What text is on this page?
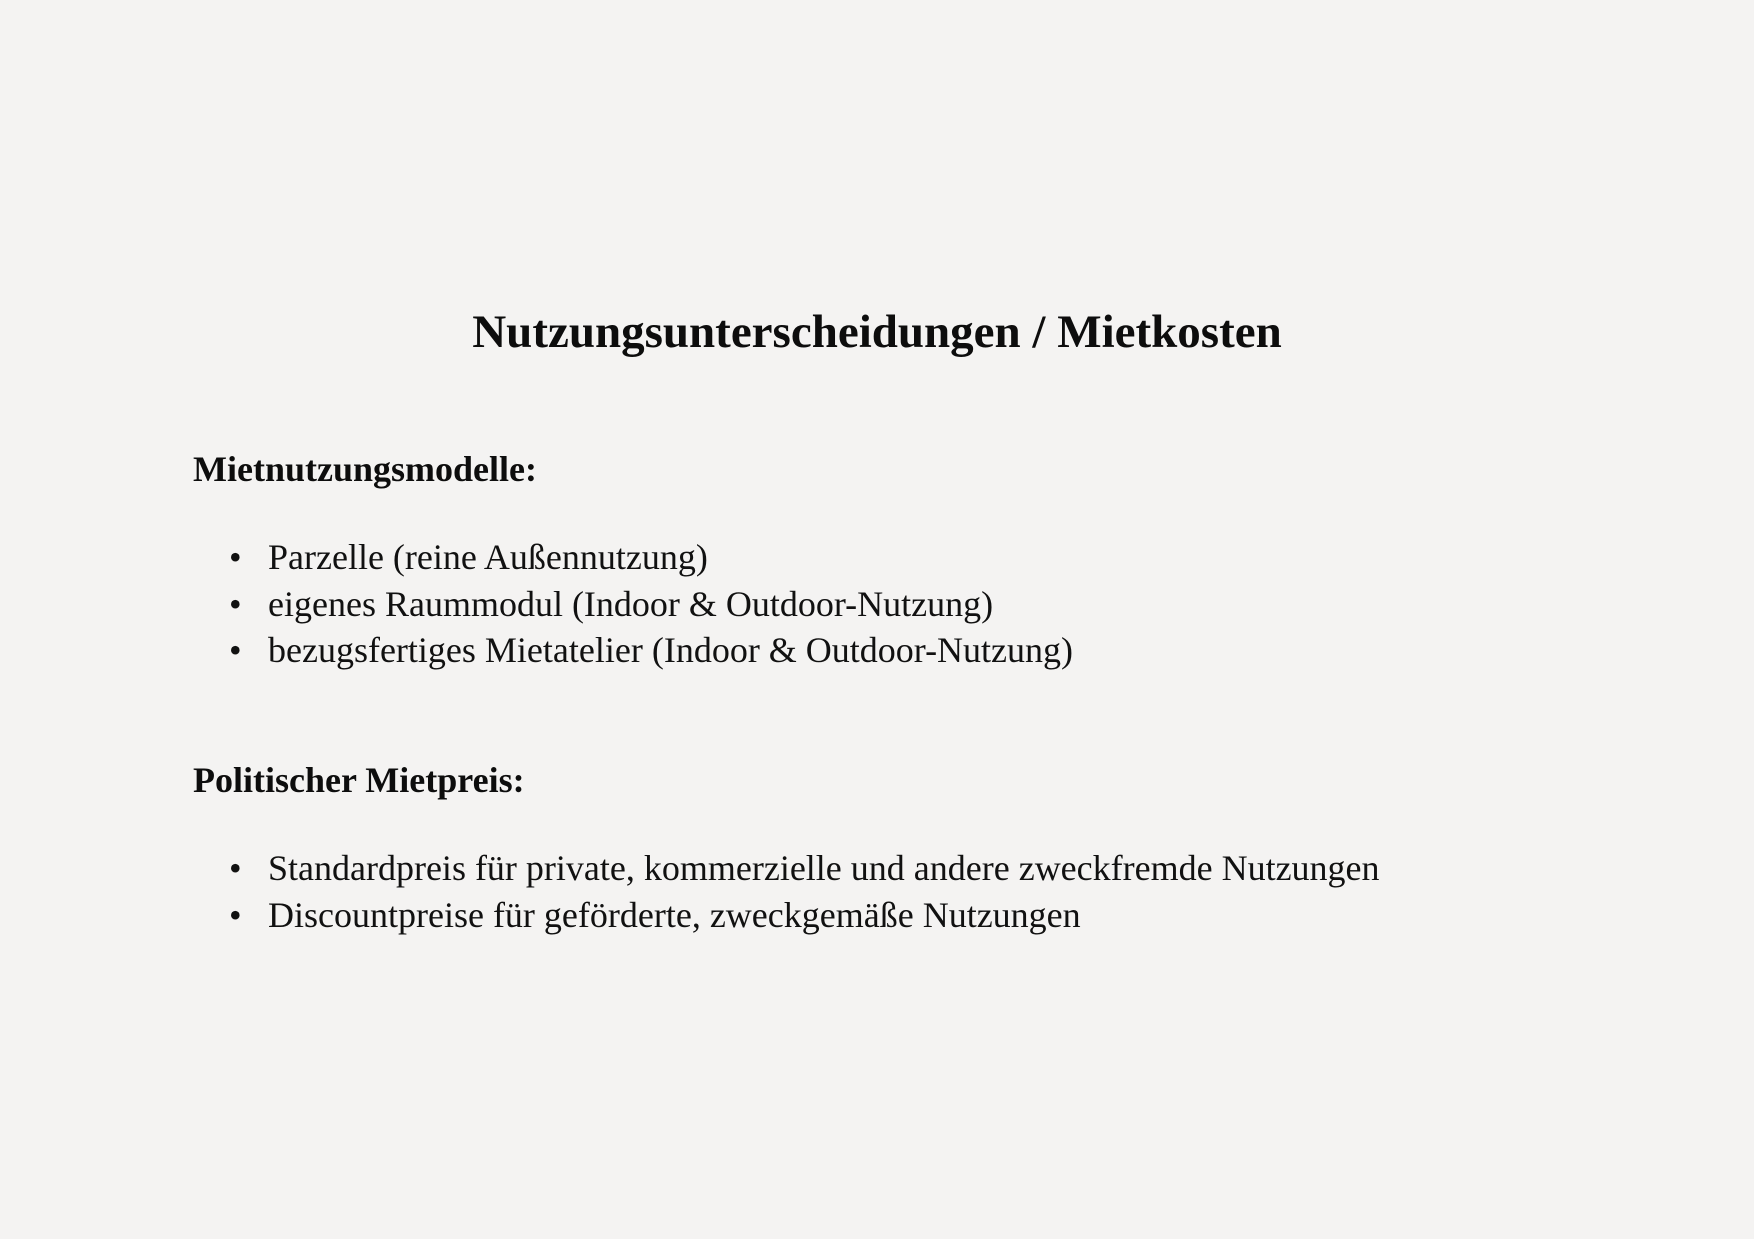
Nutzungsunterscheidungen / Mietkosten
Mietnutzungsmodelle:
• Parzelle (reine Außennutzung)
• eigenes Raummodul (Indoor & Outdoor-Nutzung)
• bezugsfertiges Mietatelier (Indoor & Outdoor-Nutzung)
Politischer Mietpreis:
• Standardpreis für private, kommerzielle und andere zweckfremde Nutzungen
• Discountpreise für geförderte, zweckgemäße Nutzungen
